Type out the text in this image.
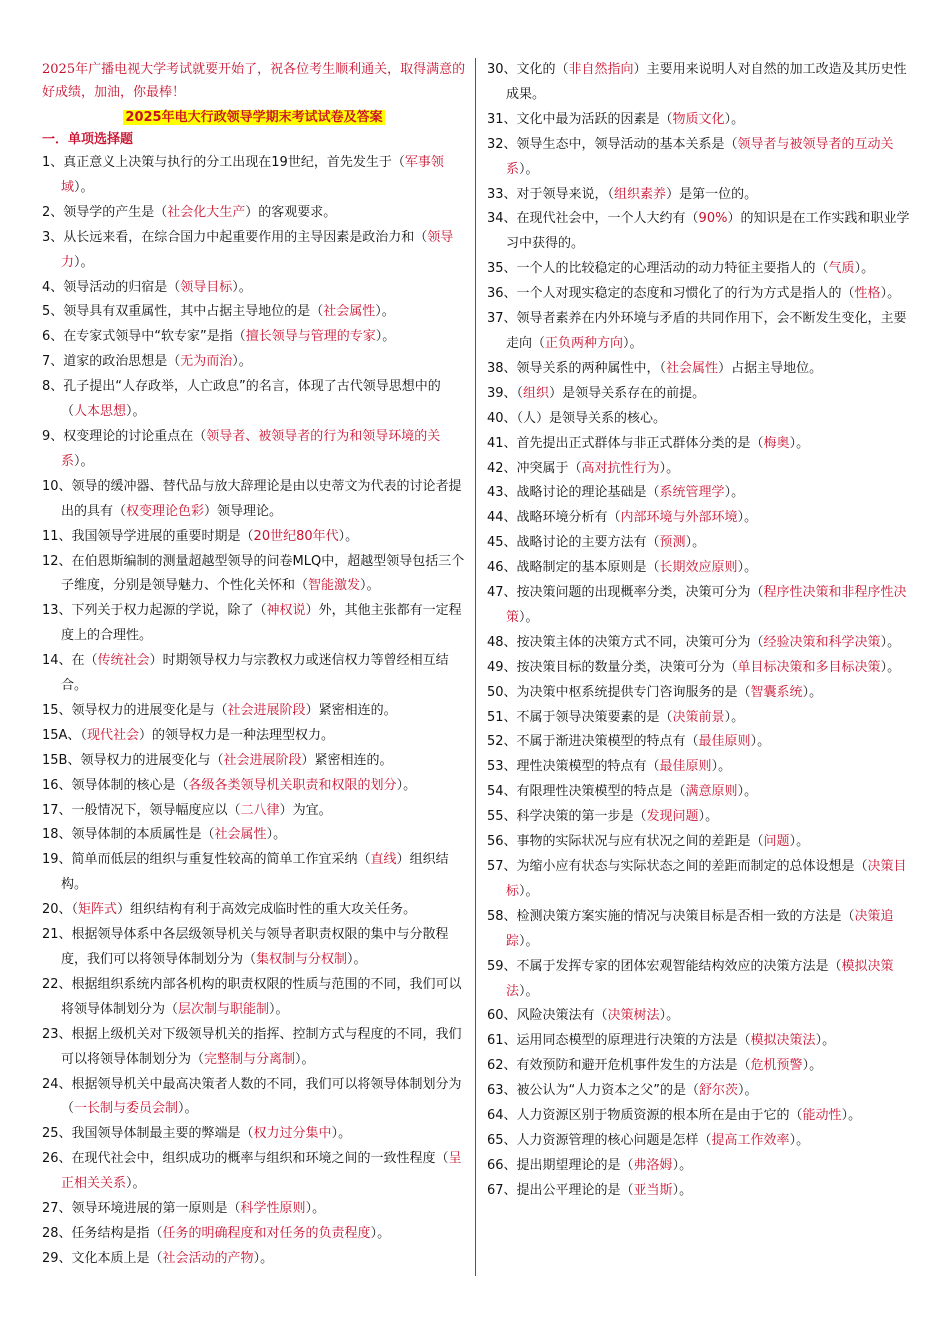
2025年广播电视大学考试就要开始了，祝各位考生顺利通关，取得满意的好成绩，加油，你最棒！

2025年电大行政领导学期末考试试卷及答案

一．单项选择题

1、真正意义上决策与执行的分工出现在19世纪，首先发生于（军事领域）。

2、领导学的产生是（社会化大生产）的客观要求。

3、从长远来看，在综合国力中起重要作用的主导因素是政治力和（领导力）。

4、领导活动的归宿是（领导目标）。

5、领导具有双重属性，其中占据主导地位的是（社会属性）。

6、在专家式领导中“软专家”是指（擅长领导与管理的专家）。

7、道家的政治思想是（无为而治）。

8、孔子提出“人存政举，人亡政息”的名言，体现了古代领导思想中的（人本思想）。

9、权变理论的讨论重点在（领导者、被领导者的行为和领导环境的关系）。

10、领导的缓冲器、替代品与放大辞理论是由以史蒂文为代表的讨论者提出的具有（权变理论色彩）领导理论。

11、我国领导学进展的重要时期是（20世纪80年代）。

12、在伯恩斯编制的测量超越型领导的问卷MLQ中，超越型领导包括三个子维度，分别是领导魅力、个性化关怀和（智能激发）。

13、下列关于权力起源的学说，除了（神权说）外，其他主张都有一定程度上的合理性。

14、在（传统社会）时期领导权力与宗教权力或迷信权力等曾经相互结合。

15、领导权力的进展变化是与（社会进展阶段）紧密相连的。

15A、（现代社会）的领导权力是一种法理型权力。

15B、领导权力的进展变化与（社会进展阶段）紧密相连的。

16、领导体制的核心是（各级各类领导机关职责和权限的划分）。

17、一般情况下，领导幅度应以（二八律）为宜。

18、领导体制的本质属性是（社会属性）。

19、简单而低层的组织与重复性较高的简单工作宜采纳（直线）组织结构。

20、（矩阵式）组织结构有利于高效完成临时性的重大攻关任务。

21、根据领导体系中各层级领导机关与领导者职责权限的集中与分散程度，我们可以将领导体制划分为（集权制与分权制）。

22、根据组织系统内部各机构的职责权限的性质与范围的不同，我们可以将领导体制划分为（层次制与职能制）。

23、根据上级机关对下级领导机关的指挥、控制方式与程度的不同，我们可以将领导体制划分为（完整制与分离制）。

24、根据领导机关中最高决策者人数的不同，我们可以将领导体制划分为（一长制与委员会制）。

25、我国领导体制最主要的弊端是（权力过分集中）。

26、在现代社会中，组织成功的概率与组织和环境之间的一致性程度（呈正相关关系）。

27、领导环境进展的第一原则是（科学性原则）。

28、任务结构是指（任务的明确程度和对任务的负责程度）。

29、文化本质上是（社会活动的产物）。

30、文化的（非自然指向）主要用来说明人对自然的加工改造及其历史性成果。

31、文化中最为活跃的因素是（物质文化）。

32、领导生态中，领导活动的基本关系是（领导者与被领导者的互动关系）。

33、对于领导来说，（组织素养）是第一位的。

34、在现代社会中，一个人大约有（90%）的知识是在工作实践和职业学习中获得的。

35、一个人的比较稳定的心理活动的动力特征主要指人的（气质）。

36、一个人对现实稳定的态度和习惯化了的行为方式是指人的（性格）。

37、领导者素养在内外环境与矛盾的共同作用下，会不断发生变化，主要走向（正负两种方向）。

38、领导关系的两种属性中，（社会属性）占据主导地位。

39、（组织）是领导关系存在的前提。

40、（人）是领导关系的核心。

41、首先提出正式群体与非正式群体分类的是（梅奥）。

42、冲突属于（高对抗性行为）。

43、战略讨论的理论基础是（系统管理学）。

44、战略环境分析有（内部环境与外部环境）。

45、战略讨论的主要方法有（预测）。

46、战略制定的基本原则是（长期效应原则）。

47、按决策问题的出现概率分类，决策可分为（程序性决策和非程序性决策）。

48、按决策主体的决策方式不同，决策可分为（经验决策和科学决策）。

49、按决策目标的数量分类，决策可分为（单目标决策和多目标决策）。

50、为决策中枢系统提供专门咨询服务的是（智囊系统）。

51、不属于领导决策要素的是（决策前景）。

52、不属于渐进决策模型的特点有（最佳原则）。

53、理性决策模型的特点有（最佳原则）。

54、有限理性决策模型的特点是（满意原则）。

55、科学决策的第一步是（发现问题）。

56、事物的实际状况与应有状况之间的差距是（问题）。

57、为缩小应有状态与实际状态之间的差距而制定的总体设想是（决策目标）。

58、检测决策方案实施的情况与决策目标是否相一致的方法是（决策追踪）。

59、不属于发挥专家的团体宏观智能结构效应的决策方法是（模拟决策法）。

60、风险决策法有（决策树法）。

61、运用同态模型的原理进行决策的方法是（模拟决策法）。

62、有效预防和避开危机事件发生的方法是（危机预警）。

63、被公认为“人力资本之父”的是（舒尔茨）。

64、人力资源区别于物质资源的根本所在是由于它的（能动性）。

65、人力资源管理的核心问题是怎样（提高工作效率）。

66、提出期望理论的是（弗洛姆）。

67、提出公平理论的是（亚当斯）。
